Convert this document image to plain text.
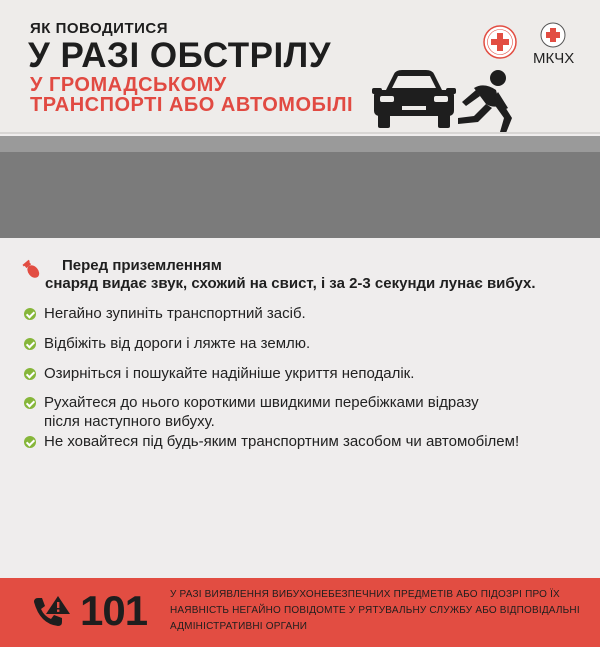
ЯК ПОВОДИТИСЯ
У РАЗІ ОБСТРІЛУ
У ГРОМАДСЬКОМУ
ТРАНСПОРТІ АБО АВТОМОБІЛІ
МКЧХ
Перед приземленням
снаряд видає звук, схожий на свист, і за 2-3 секунди лунає вибух.
Негайно зупиніть транспортний засіб.
Відбіжіть від дороги і ляжте на землю.
Озирніться і пошукайте надійніше укриття неподалік.
Рухайтеся до нього короткими швидкими перебіжками відразу
після наступного вибуху.
Не ховайтеся під будь-яким транспортним засобом чи автомобілем!
101 У РАЗІ ВИЯВЛЕННЯ ВИБУХОНЕБЕЗПЕЧНИХ ПРЕДМЕТІВ АБО ПІДОЗРІ ПРО ЇХ
НАЯВНІСТЬ НЕГАЙНО ПОВІДОМТЕ У РЯТУВАЛЬНУ СЛУЖБУ АБО ВІДПОВІДАЛЬНІ
АДМІНІСТРАТИВНІ ОРГАНИ
